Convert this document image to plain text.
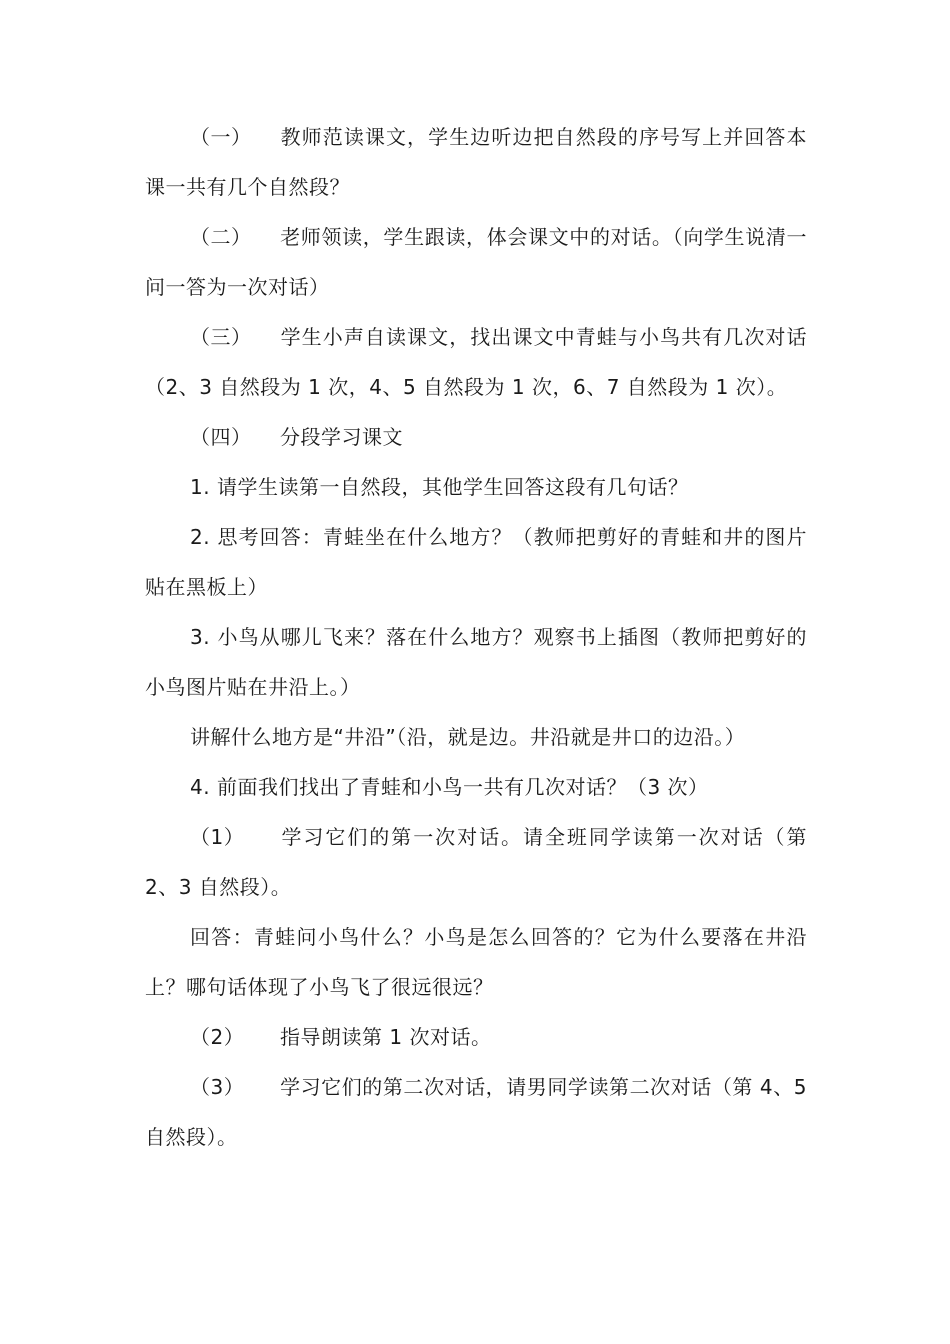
（一） 教师范读课文，学生边听边把自然段的序号写上并回答本课一共有几个自然段？

（二） 老师领读，学生跟读，体会课文中的对话。（向学生说清一问一答为一次对话）

（三） 学生小声自读课文，找出课文中青蛙与小鸟共有几次对话（2、3 自然段为 1 次，4、5 自然段为 1 次，6、7 自然段为 1 次）。

（四） 分段学习课文

1. 请学生读第一自然段，其他学生回答这段有几句话？

2. 思考回答：青蛙坐在什么地方？（教师把剪好的青蛙和井的图片贴在黑板上）

3. 小鸟从哪儿飞来？落在什么地方？观察书上插图（教师把剪好的小鸟图片贴在井沿上。）

讲解什么地方是“井沿”（沿，就是边。井沿就是井口的边沿。）

4. 前面我们找出了青蛙和小鸟一共有几次对话？（3 次）

（1） 学习它们的第一次对话。请全班同学读第一次对话（第 2、3 自然段）。

回答：青蛙问小鸟什么？小鸟是怎么回答的？它为什么要落在井沿上？哪句话体现了小鸟飞了很远很远？

（2） 指导朗读第 1 次对话。

（3） 学习它们的第二次对话，请男同学读第二次对话（第 4、5 自然段）。
